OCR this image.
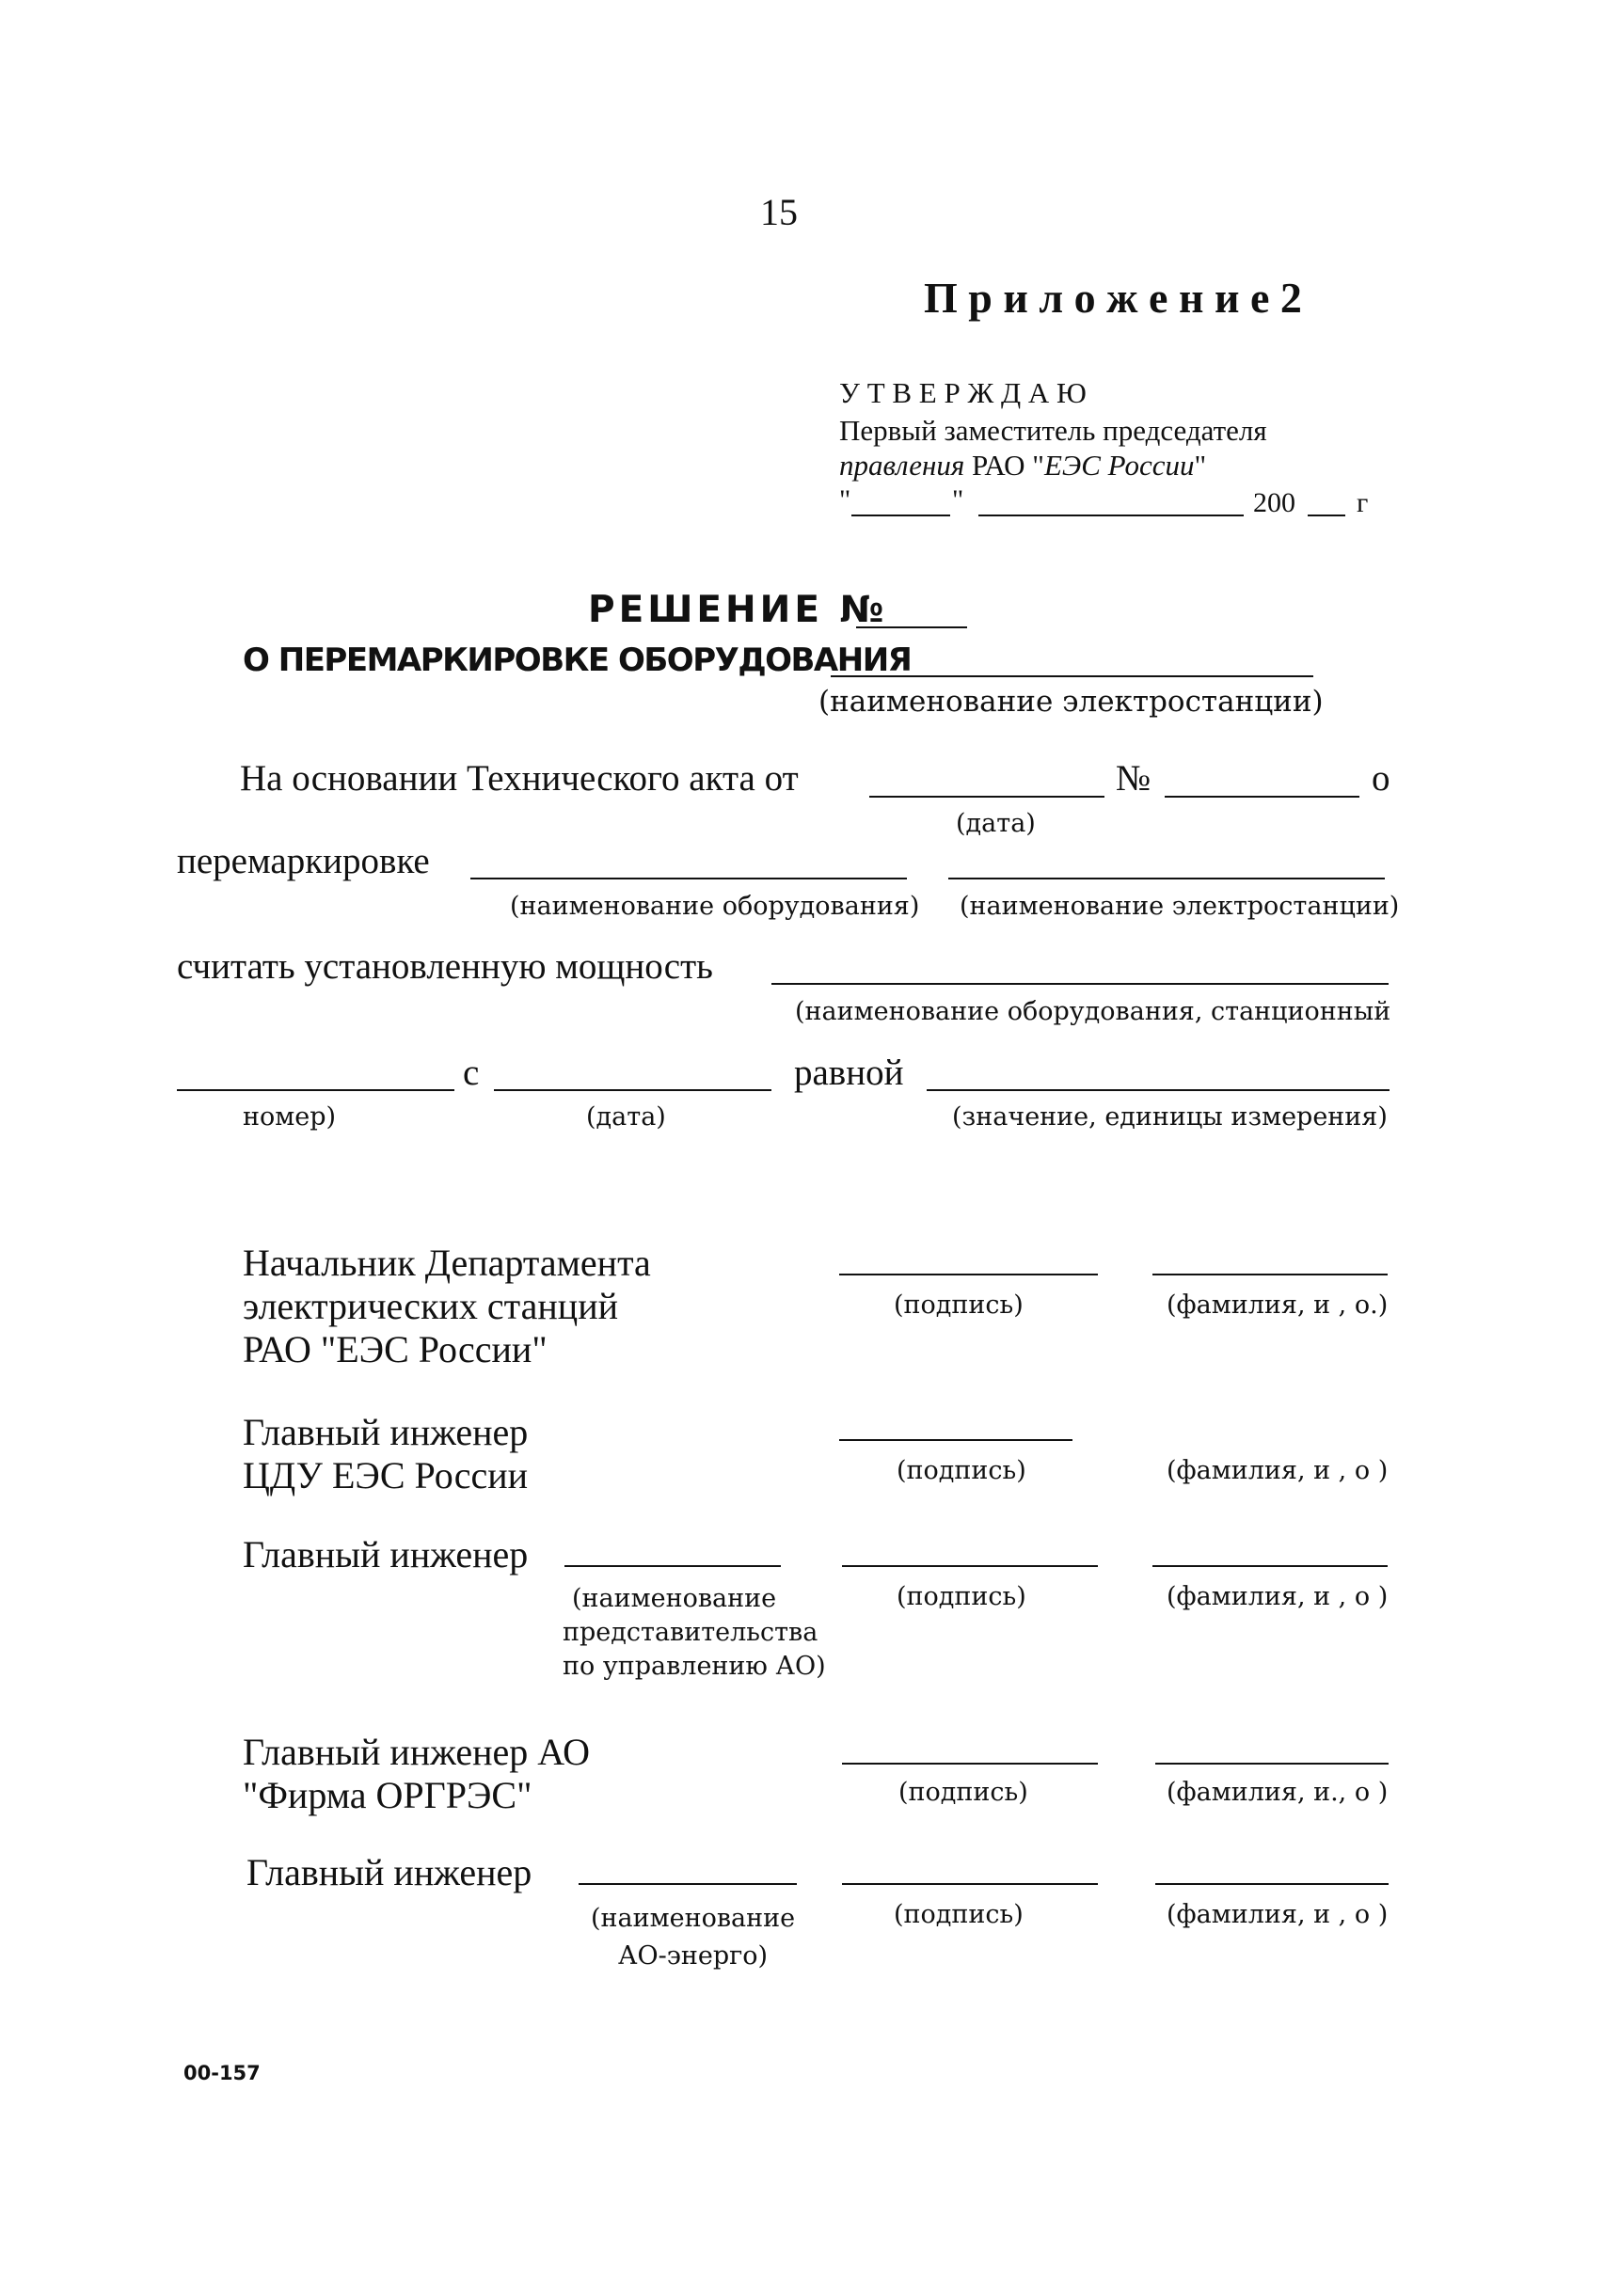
15
П р и л о ж е н и е 2
У Т В Е Р Ж Д А Ю
Первый заместитель председателя
правления РАО "ЕЭС России"
"	"	200 г
РЕШЕНИЕ №
О ПЕРЕМАРКИРОВКЕ ОБОРУДОВАНИЯ
(наименование электростанции)
На основании Технического акта от	№	о
(дата)
перемаркировке
(наименование оборудования) (наименование электростанции)
считать установленную мощность
(наименование оборудования, станционный
с	равной
номер)	(дата)	(значение, единицы измерения)
Начальник Департамента
электрических станций
РАО "ЕЭС России"
(подпись)	(фамилия, и , о.)
Главный инженер
ЦДУ ЕЭС России	(подпись)	(фамилия, и , о )
Главный инженер
(наименование
представительства
по управлению АО)
(подпись)	(фамилия, и , о )
Главный инженер АО
"Фирма ОРГРЭС"	(подпись)	(фамилия, и., о )
Главный инженер
(наименование
АО-энерго)
(подпись)	(фамилия, и , о )
00-157
